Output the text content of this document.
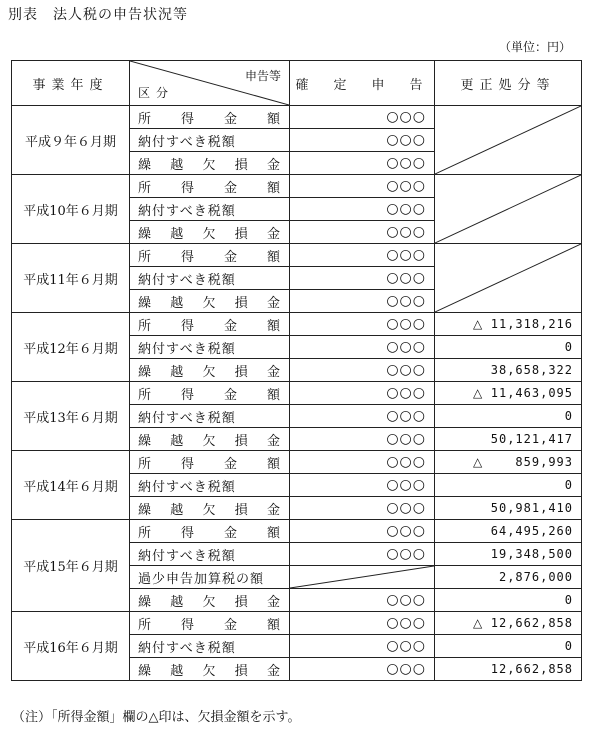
別表　法人税の申告状況等
（単位：円）
事業年度	申告等
区分	確　定　申　告	更正処分等
平成９年６月期	所得金額	○○○	

	納付すべき税額	○○○	
	繰越欠損金	○○○	
平成10年６月期	所得金額	○○○	

	納付すべき税額	○○○	
	繰越欠損金	○○○	
平成11年６月期	所得金額	○○○	

	納付すべき税額	○○○	
	繰越欠損金	○○○	
平成12年６月期	所得金額	○○○	△ 11,318,216
	納付すべき税額	○○○	0
	繰越欠損金	○○○	38,658,322
平成13年６月期	所得金額	○○○	△ 11,463,095
	納付すべき税額	○○○	0
	繰越欠損金	○○○	50,121,417
平成14年６月期	所得金額	○○○	△ 859,993
	納付すべき税額	○○○	0
	繰越欠損金	○○○	50,981,410
平成15年６月期	所得金額	○○○	64,495,260
	納付すべき税額	○○○	19,348,500
	過少申告加算税の額		2,876,000
	繰越欠損金	○○○	0
平成16年６月期	所得金額	○○○	△ 12,662,858
	納付すべき税額	○○○	0
	繰越欠損金	○○○	12,662,858
（注）「所得金額」欄の△印は、欠損金額を示す。
